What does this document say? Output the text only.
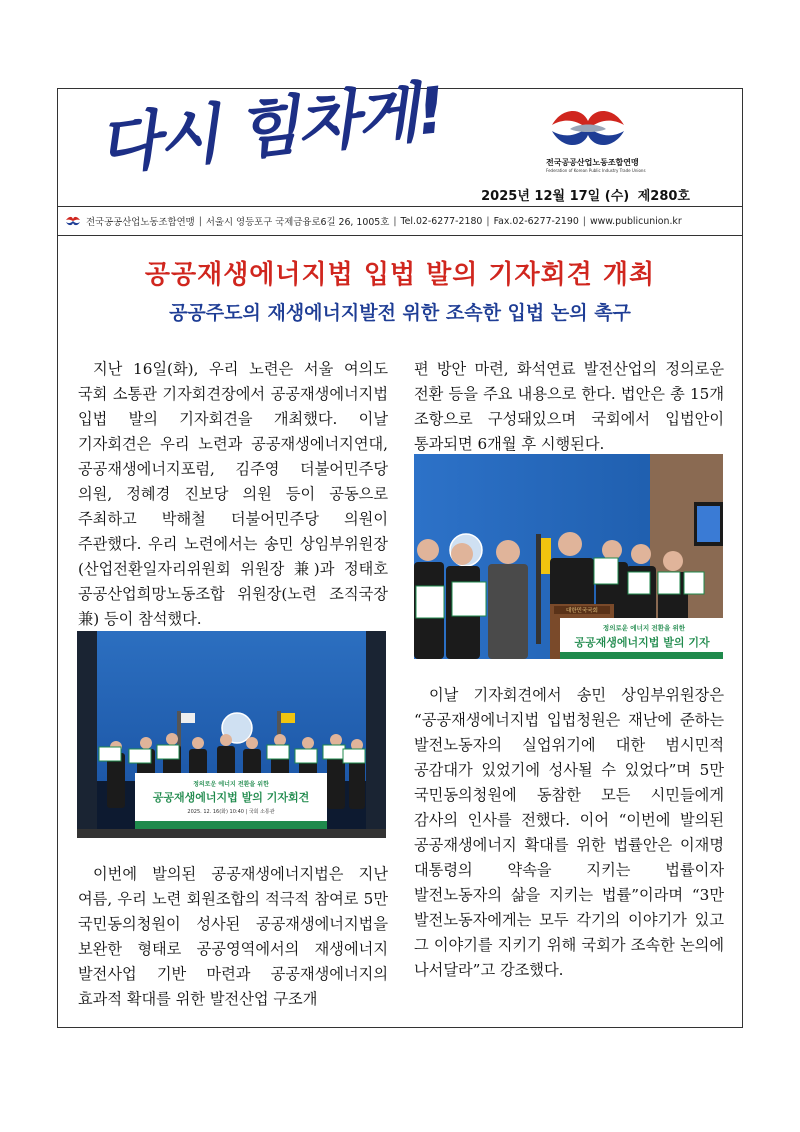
다시 힘차게!	전국공공산업노동조합연맹
Federation of Korean Public Industry Trade Unions
2025년 12월 17일 (수) 제280호
전국공공산업노동조합연맹 | 서울시 영등포구 국제금융로6길 26, 1005호 | Tel.02-6277-2180 | Fax.02-6277-2190 | www.publicunion.kr
공공재생에너지법 입법 발의 기자회견 개최
공공주도의 재생에너지발전 위한 조속한 입법 논의 촉구

지난 16일(화), 우리 노련은 서울 여의도 국회 소통관 기자회견장에서 공공재생에너지법 입법 발의 기자회견을 개최했다. 이날 기자회견은 우리 노련과 공공재생에너지연대, 공공재생에너지포럼, 김주영 더불어민주당 의원, 정혜경 진보당 의원 등이 공동으로 주최하고 박해철 더불어민주당 의원이 주관했다. 우리 노련에서는 송민 상임부위원장(산업전환일자리위원회 위원장 兼)과 정태호 공공산업희망노동조합 위원장(노련 조직국장 兼) 등이 참석했다.

편 방안 마련, 화석연료 발전산업의 정의로운 전환 등을 주요 내용으로 한다. 법안은 총 15개 조항으로 구성돼있으며 국회에서 입법안이 통과되면 6개월 후 시행된다.

이번에 발의된 공공재생에너지법은 지난 여름, 우리 노련 회원조합의 적극적 참여로 5만 국민동의청원이 성사된 공공재생에너지법을 보완한 형태로 공공영역에서의 재생에너지 발전사업 기반 마련과 공공재생에너지의 효과적 확대를 위한 발전산업 구조개

이날 기자회견에서 송민 상임부위원장은 “공공재생에너지법 입법청원은 재난에 준하는 발전노동자의 실업위기에 대한 범시민적 공감대가 있었기에 성사될 수 있었다”며 5만 국민동의청원에 동참한 모든 시민들에게 감사의 인사를 전했다. 이어 “이번에 발의된 공공재생에너지 확대를 위한 법률안은 이재명 대통령의 약속을 지키는 법률이자 발전노동자의 삶을 지키는 법률”이라며 “3만 발전노동자에게는 모두 각기의 이야기가 있고 그 이야기를 지키기 위해 국회가 조속한 논의에 나서달라”고 강조했다.

정의로운 에너지 전환을 위한
공공재생에너지법 발의 기자회견
2025. 12. 16(화) 10:40 | 국회 소통관
대한민국국회
정의로운 에너지 전환을 위한
공공재생에너지법 발의 기자
